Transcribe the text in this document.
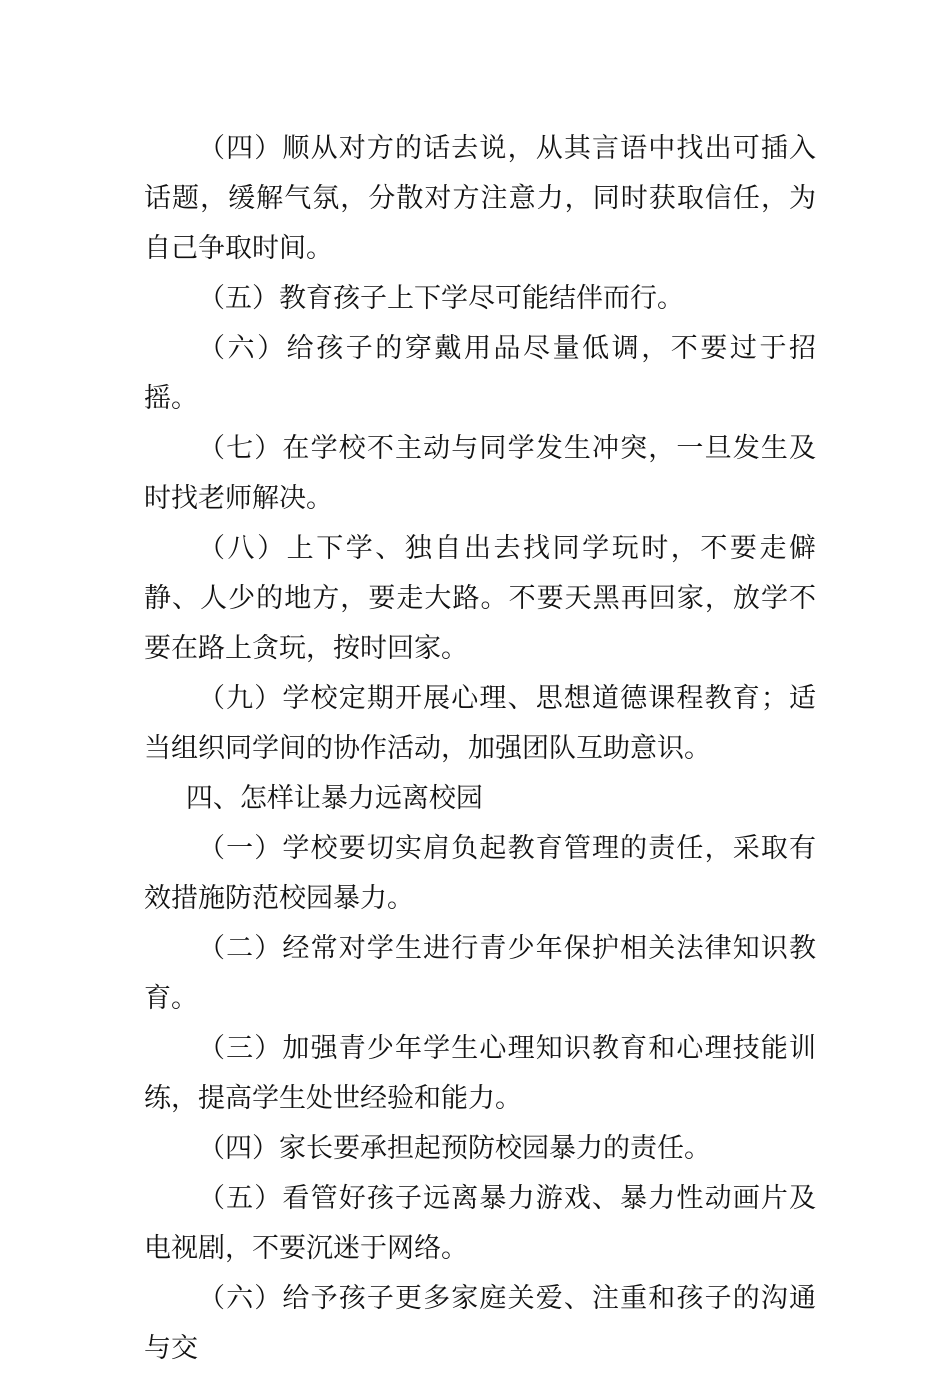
（四）顺从对方的话去说，从其言语中找出可插入话题，缓解气氛，分散对方注意力，同时获取信任，为自己争取时间。

（五）教育孩子上下学尽可能结伴而行。

（六）给孩子的穿戴用品尽量低调，不要过于招摇。

（七）在学校不主动与同学发生冲突，一旦发生及时找老师解决。

（八）上下学、独自出去找同学玩时，不要走僻静、人少的地方，要走大路。不要天黑再回家，放学不要在路上贪玩，按时回家。

（九）学校定期开展心理、思想道德课程教育；适当组织同学间的协作活动，加强团队互助意识。

四、怎样让暴力远离校园

（一）学校要切实肩负起教育管理的责任，采取有效措施防范校园暴力。

（二）经常对学生进行青少年保护相关法律知识教育。

（三）加强青少年学生心理知识教育和心理技能训练，提高学生处世经验和能力。

（四）家长要承担起预防校园暴力的责任。

（五）看管好孩子远离暴力游戏、暴力性动画片及电视剧，不要沉迷于网络。

（六）给予孩子更多家庭关爱、注重和孩子的沟通与交
